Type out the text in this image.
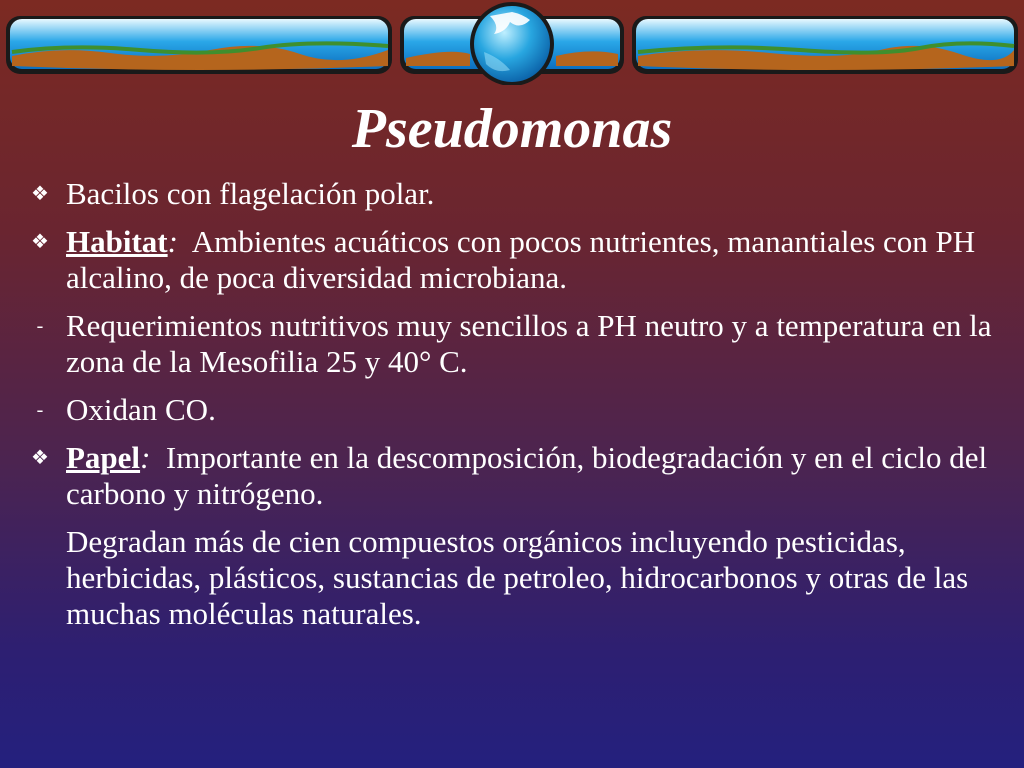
Pseudomonas
❖ Bacilos con flagelación polar.
❖ Habitat: Ambientes acuáticos con pocos nutrientes, manantiales con PH alcalino, de poca diversidad microbiana.
- Requerimientos nutritivos muy sencillos a PH neutro y a temperatura en la zona de la Mesofilia 25 y 40° C.
- Oxidan CO.
❖ Papel: Importante en la descomposición, biodegradación y en el ciclo del carbono y nitrógeno.
Degradan más de cien compuestos orgánicos incluyendo pesticidas, herbicidas, plásticos, sustancias de petroleo, hidrocarbonos y otras de las muchas moléculas naturales.
